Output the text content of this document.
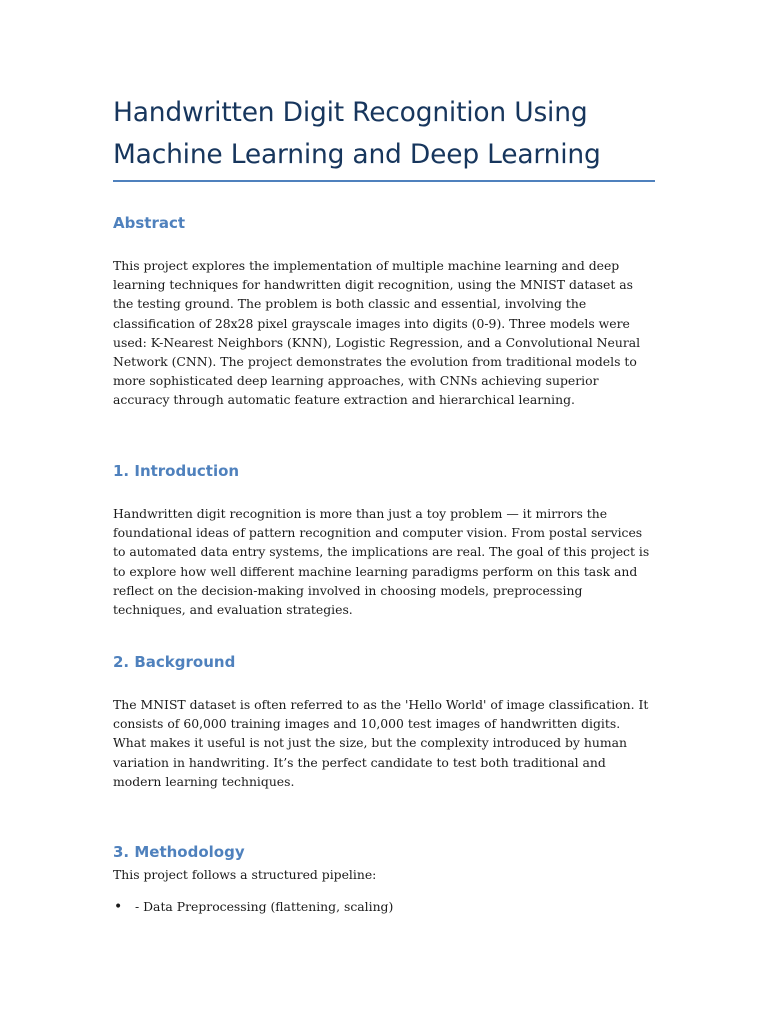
Handwritten Digit Recognition Using Machine Learning and Deep Learning
Abstract

This project explores the implementation of multiple machine learning and deep learning techniques for handwritten digit recognition, using the MNIST dataset as the testing ground. The problem is both classic and essential, involving the classification of 28x28 pixel grayscale images into digits (0-9). Three models were used: K-Nearest Neighbors (KNN), Logistic Regression, and a Convolutional Neural Network (CNN). The project demonstrates the evolution from traditional models to more sophisticated deep learning approaches, with CNNs achieving superior accuracy through automatic feature extraction and hierarchical learning.

1. Introduction

Handwritten digit recognition is more than just a toy problem — it mirrors the foundational ideas of pattern recognition and computer vision. From postal services to automated data entry systems, the implications are real. The goal of this project is to explore how well different machine learning paradigms perform on this task and reflect on the decision-making involved in choosing models, preprocessing techniques, and evaluation strategies.

2. Background

The MNIST dataset is often referred to as the 'Hello World' of image classification. It consists of 60,000 training images and 10,000 test images of handwritten digits. What makes it useful is not just the size, but the complexity introduced by human variation in handwriting. It’s the perfect candidate to test both traditional and modern learning techniques.

3. Methodology

This project follows a structured pipeline:

• - Data Preprocessing (flattening, scaling)
